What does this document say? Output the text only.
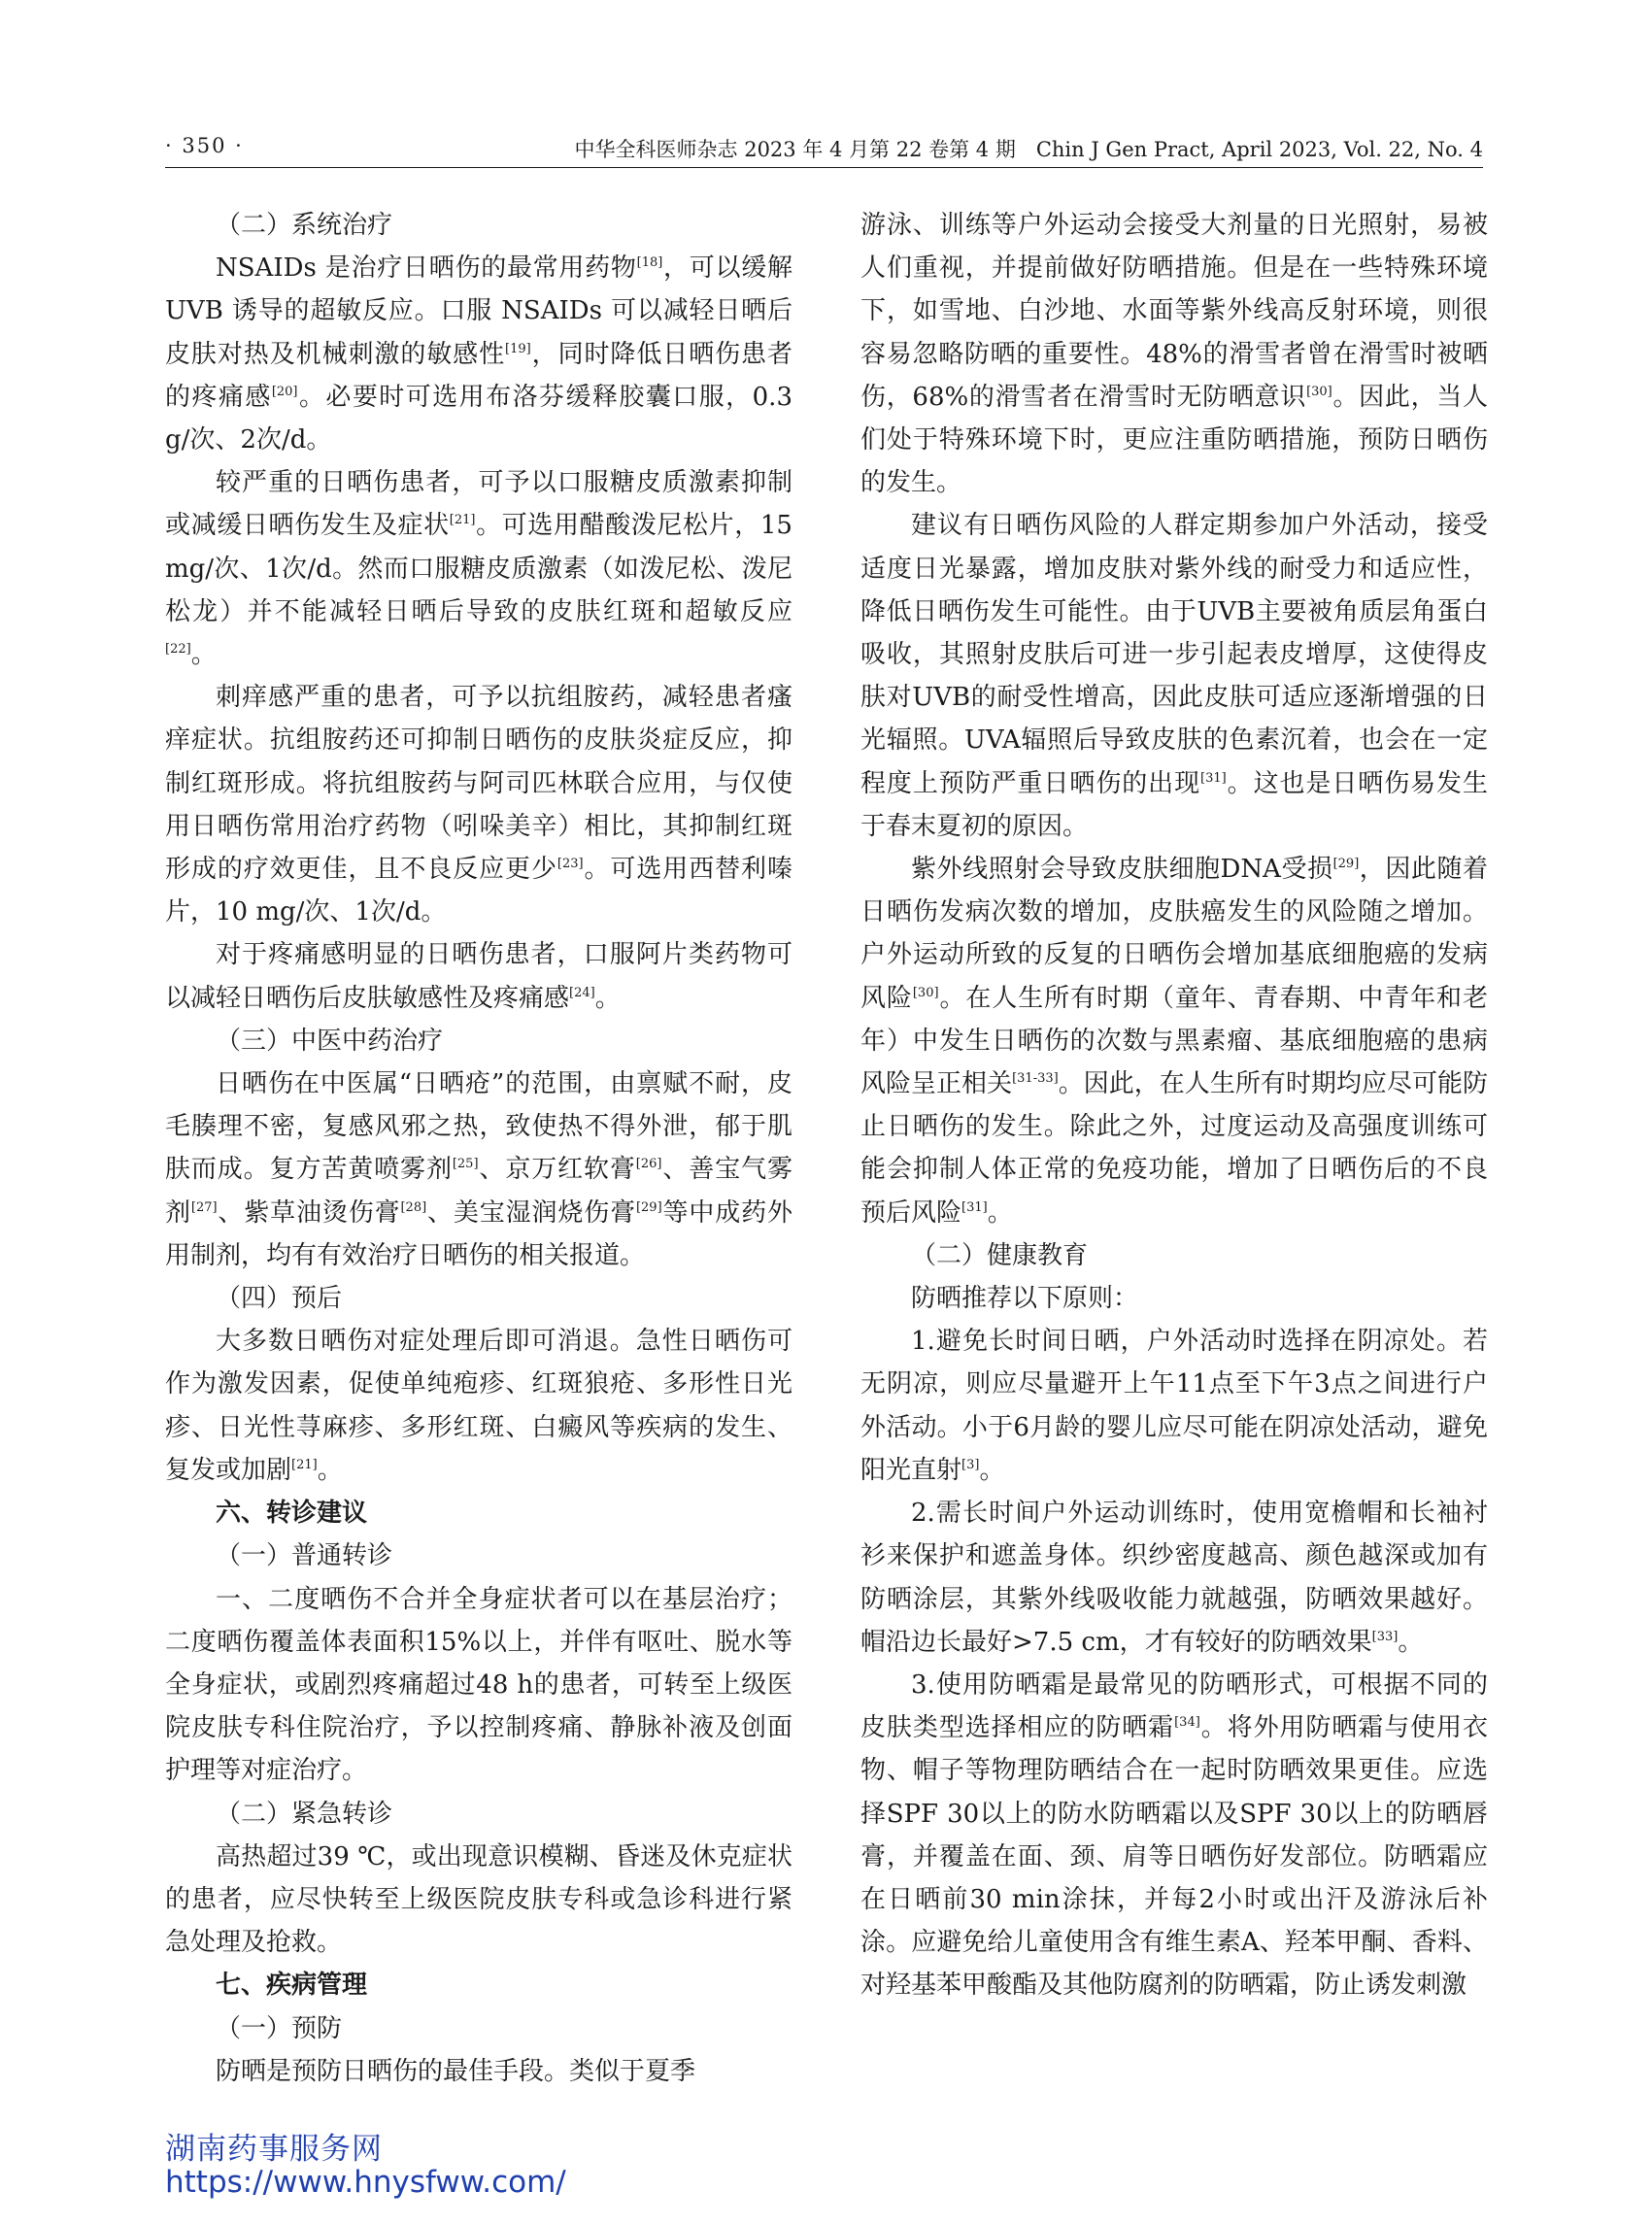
· 350 ·	中华全科医师杂志 2023 年 4 月第 22 卷第 4 期　Chin J Gen Pract, April 2023, Vol. 22, No. 4

（二）系统治疗

NSAIDs 是治疗日晒伤的最常用药物[18]，可以缓解 UVB 诱导的超敏反应。口服 NSAIDs 可以减轻日晒后皮肤对热及机械刺激的敏感性[19]，同时降低日晒伤患者的疼痛感[20]。必要时可选用布洛芬缓释胶囊口服，0.3 g/次、2次/d。

较严重的日晒伤患者，可予以口服糖皮质激素抑制或减缓日晒伤发生及症状[21]。可选用醋酸泼尼松片，15 mg/次、1次/d。然而口服糖皮质激素（如泼尼松、泼尼松龙）并不能减轻日晒后导致的皮肤红斑和超敏反应[22]。

刺痒感严重的患者，可予以抗组胺药，减轻患者瘙痒症状。抗组胺药还可抑制日晒伤的皮肤炎症反应，抑制红斑形成。将抗组胺药与阿司匹林联合应用，与仅使用日晒伤常用治疗药物（吲哚美辛）相比，其抑制红斑形成的疗效更佳，且不良反应更少[23]。可选用西替利嗪片，10 mg/次、1次/d。

对于疼痛感明显的日晒伤患者，口服阿片类药物可以减轻日晒伤后皮肤敏感性及疼痛感[24]。

（三）中医中药治疗

日晒伤在中医属“日晒疮”的范围，由禀赋不耐，皮毛腠理不密，复感风邪之热，致使热不得外泄，郁于肌肤而成。复方苦黄喷雾剂[25]、京万红软膏[26]、善宝气雾剂[27]、紫草油烫伤膏[28]、美宝湿润烧伤膏[29]等中成药外用制剂，均有有效治疗日晒伤的相关报道。

（四）预后

大多数日晒伤对症处理后即可消退。急性日晒伤可作为激发因素，促使单纯疱疹、红斑狼疮、多形性日光疹、日光性荨麻疹、多形红斑、白癜风等疾病的发生、复发或加剧[21]。

六、转诊建议

（一）普通转诊

一、二度晒伤不合并全身症状者可以在基层治疗；二度晒伤覆盖体表面积15%以上，并伴有呕吐、脱水等全身症状，或剧烈疼痛超过48 h的患者，可转至上级医院皮肤专科住院治疗，予以控制疼痛、静脉补液及创面护理等对症治疗。

（二）紧急转诊

高热超过39 ℃，或出现意识模糊、昏迷及休克症状的患者，应尽快转至上级医院皮肤专科或急诊科进行紧急处理及抢救。

七、疾病管理

（一）预防

防晒是预防日晒伤的最佳手段。类似于夏季

游泳、训练等户外运动会接受大剂量的日光照射，易被人们重视，并提前做好防晒措施。但是在一些特殊环境下，如雪地、白沙地、水面等紫外线高反射环境，则很容易忽略防晒的重要性。48%的滑雪者曾在滑雪时被晒伤，68%的滑雪者在滑雪时无防晒意识[30]。因此，当人们处于特殊环境下时，更应注重防晒措施，预防日晒伤的发生。

建议有日晒伤风险的人群定期参加户外活动，接受适度日光暴露，增加皮肤对紫外线的耐受力和适应性，降低日晒伤发生可能性。由于UVB主要被角质层角蛋白吸收，其照射皮肤后可进一步引起表皮增厚，这使得皮肤对UVB的耐受性增高，因此皮肤可适应逐渐增强的日光辐照。UVA辐照后导致皮肤的色素沉着，也会在一定程度上预防严重日晒伤的出现[31]。这也是日晒伤易发生于春末夏初的原因。

紫外线照射会导致皮肤细胞DNA受损[29]，因此随着日晒伤发病次数的增加，皮肤癌发生的风险随之增加。户外运动所致的反复的日晒伤会增加基底细胞癌的发病风险[30]。在人生所有时期（童年、青春期、中青年和老年）中发生日晒伤的次数与黑素瘤、基底细胞癌的患病风险呈正相关[31-33]。因此，在人生所有时期均应尽可能防止日晒伤的发生。除此之外，过度运动及高强度训练可能会抑制人体正常的免疫功能，增加了日晒伤后的不良预后风险[31]。

（二）健康教育

防晒推荐以下原则：

1.避免长时间日晒，户外活动时选择在阴凉处。若无阴凉，则应尽量避开上午11点至下午3点之间进行户外活动。小于6月龄的婴儿应尽可能在阴凉处活动，避免阳光直射[3]。

2.需长时间户外运动训练时，使用宽檐帽和长袖衬衫来保护和遮盖身体。织纱密度越高、颜色越深或加有防晒涂层，其紫外线吸收能力就越强，防晒效果越好。帽沿边长最好>7.5 cm，才有较好的防晒效果[33]。

3.使用防晒霜是最常见的防晒形式，可根据不同的皮肤类型选择相应的防晒霜[34]。将外用防晒霜与使用衣物、帽子等物理防晒结合在一起时防晒效果更佳。应选择SPF 30以上的防水防晒霜以及SPF 30以上的防晒唇膏，并覆盖在面、颈、肩等日晒伤好发部位。防晒霜应在日晒前30 min涂抹，并每2小时或出汗及游泳后补涂。应避免给儿童使用含有维生素A、羟苯甲酮、香料、对羟基苯甲酸酯及其他防腐剂的防晒霜，防止诱发刺激

湖南药事服务网
https://www.hnysfww.com/
